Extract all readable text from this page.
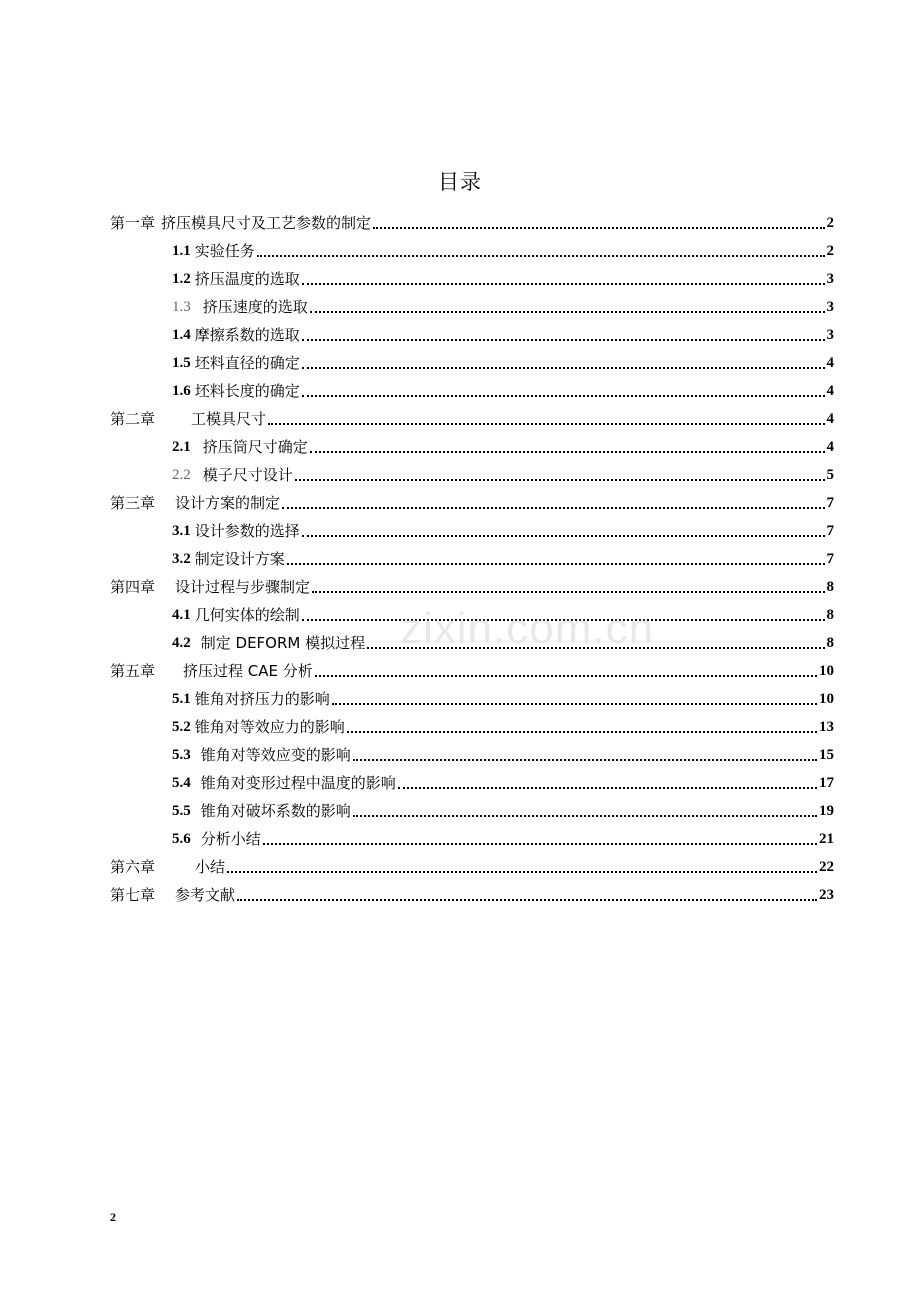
目录
第一章 挤压模具尺寸及工艺参数的制定	2
1.1 实验任务	2
1.2 挤压温度的选取	3
1.3 挤压速度的选取	3
1.4 摩擦系数的选取	3
1.5 坯料直径的确定	4
1.6 坯料长度的确定	4
第二章 工模具尺寸	4
2.1 挤压筒尺寸确定	4
2.2 模子尺寸设计	5
第三章 设计方案的制定	7
3.1 设计参数的选择	7
3.2 制定设计方案	7
第四章 设计过程与步骤制定	8
4.1 几何实体的绘制	8
4.2 制定 DEFORM 模拟过程	8
第五章 挤压过程 CAE 分析	10
5.1 锥角对挤压力的影响	10
5.2 锥角对等效应力的影响	13
5.3 锥角对等效应变的影响	15
5.4 锥角对变形过程中温度的影响	17
5.5 锥角对破坏系数的影响	19
5.6 分析小结	21
第六章	小结	22
第七章 参考文献	23
zixin.com.cn
2
